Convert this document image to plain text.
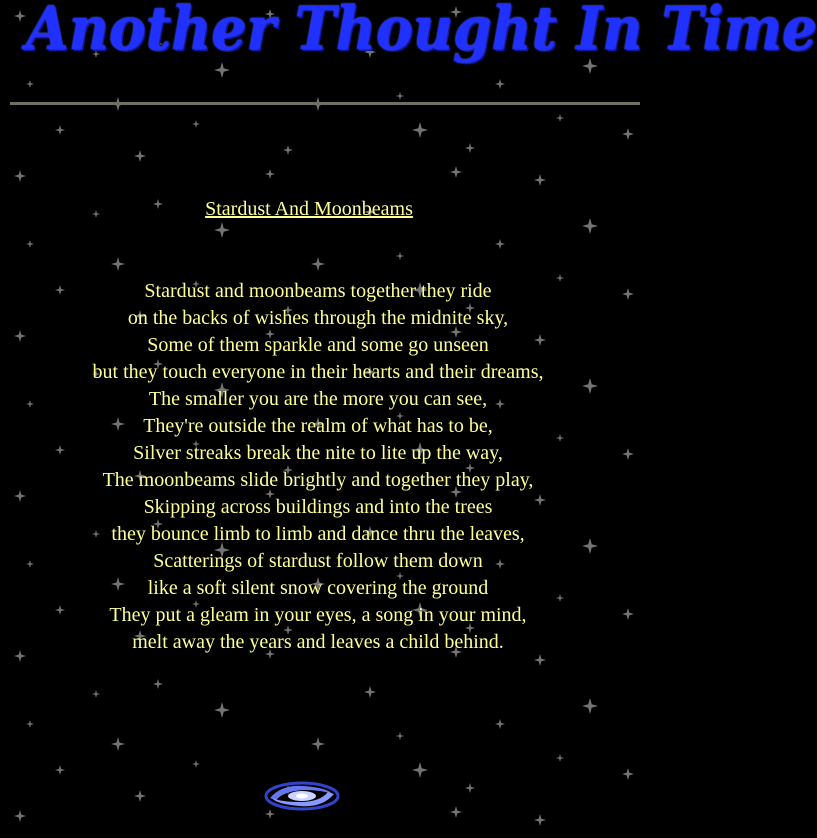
Another Thought In Time
Stardust And Moonbeams
Stardust and moonbeams together they ride
on the backs of wishes through the midnite sky,
Some of them sparkle and some go unseen
but they touch everyone in their hearts and their dreams,
The smaller you are the more you can see,
They're outside the realm of what has to be,
Silver streaks break the nite to lite up the way,
The moonbeams slide brightly and together they play,
Skipping across buildings and into the trees
they bounce limb to limb and dance thru the leaves,
Scatterings of stardust follow them down
like a soft silent snow covering the ground
They put a gleam in your eyes, a song in your mind,
melt away the years and leaves a child behind.
